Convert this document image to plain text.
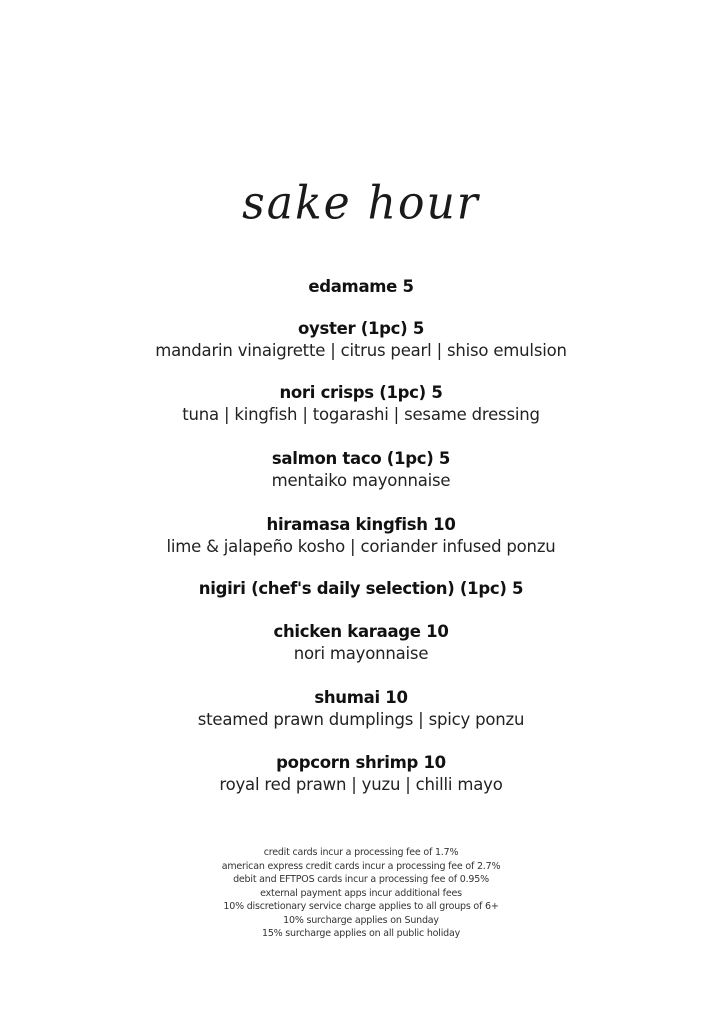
sake hour
edamame 5
oyster (1pc) 5
mandarin vinaigrette | citrus pearl | shiso emulsion
nori crisps (1pc) 5
tuna | kingfish | togarashi | sesame dressing
salmon taco (1pc) 5
mentaiko mayonnaise
hiramasa kingfish 10
lime & jalapeño kosho | coriander infused ponzu
nigiri (chef's daily selection) (1pc) 5
chicken karaage 10
nori mayonnaise
shumai 10
steamed prawn dumplings | spicy ponzu
popcorn shrimp 10
royal red prawn | yuzu | chilli mayo
credit cards incur a processing fee of 1.7%
american express credit cards incur a processing fee of 2.7%
debit and EFTPOS cards incur a processing fee of 0.95%
external payment apps incur additional fees
10% discretionary service charge applies to all groups of 6+
10% surcharge applies on Sunday
15% surcharge applies on all public holiday
